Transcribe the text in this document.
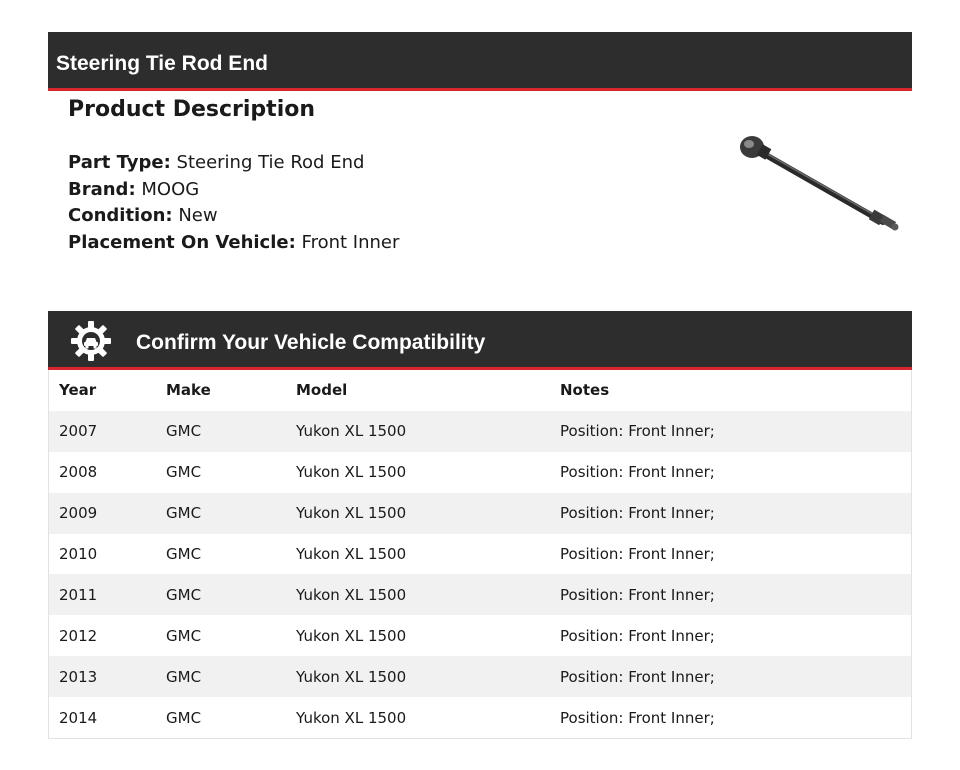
Steering Tie Rod End
Product Description
Part Type: Steering Tie Rod End
Brand: MOOG
Condition: New
Placement On Vehicle: Front Inner
Confirm Your Vehicle Compatibility
Year	Make	Model	Notes
2007	GMC	Yukon XL 1500	Position: Front Inner;
2008	GMC	Yukon XL 1500	Position: Front Inner;
2009	GMC	Yukon XL 1500	Position: Front Inner;
2010	GMC	Yukon XL 1500	Position: Front Inner;
2011	GMC	Yukon XL 1500	Position: Front Inner;
2012	GMC	Yukon XL 1500	Position: Front Inner;
2013	GMC	Yukon XL 1500	Position: Front Inner;
2014	GMC	Yukon XL 1500	Position: Front Inner;
